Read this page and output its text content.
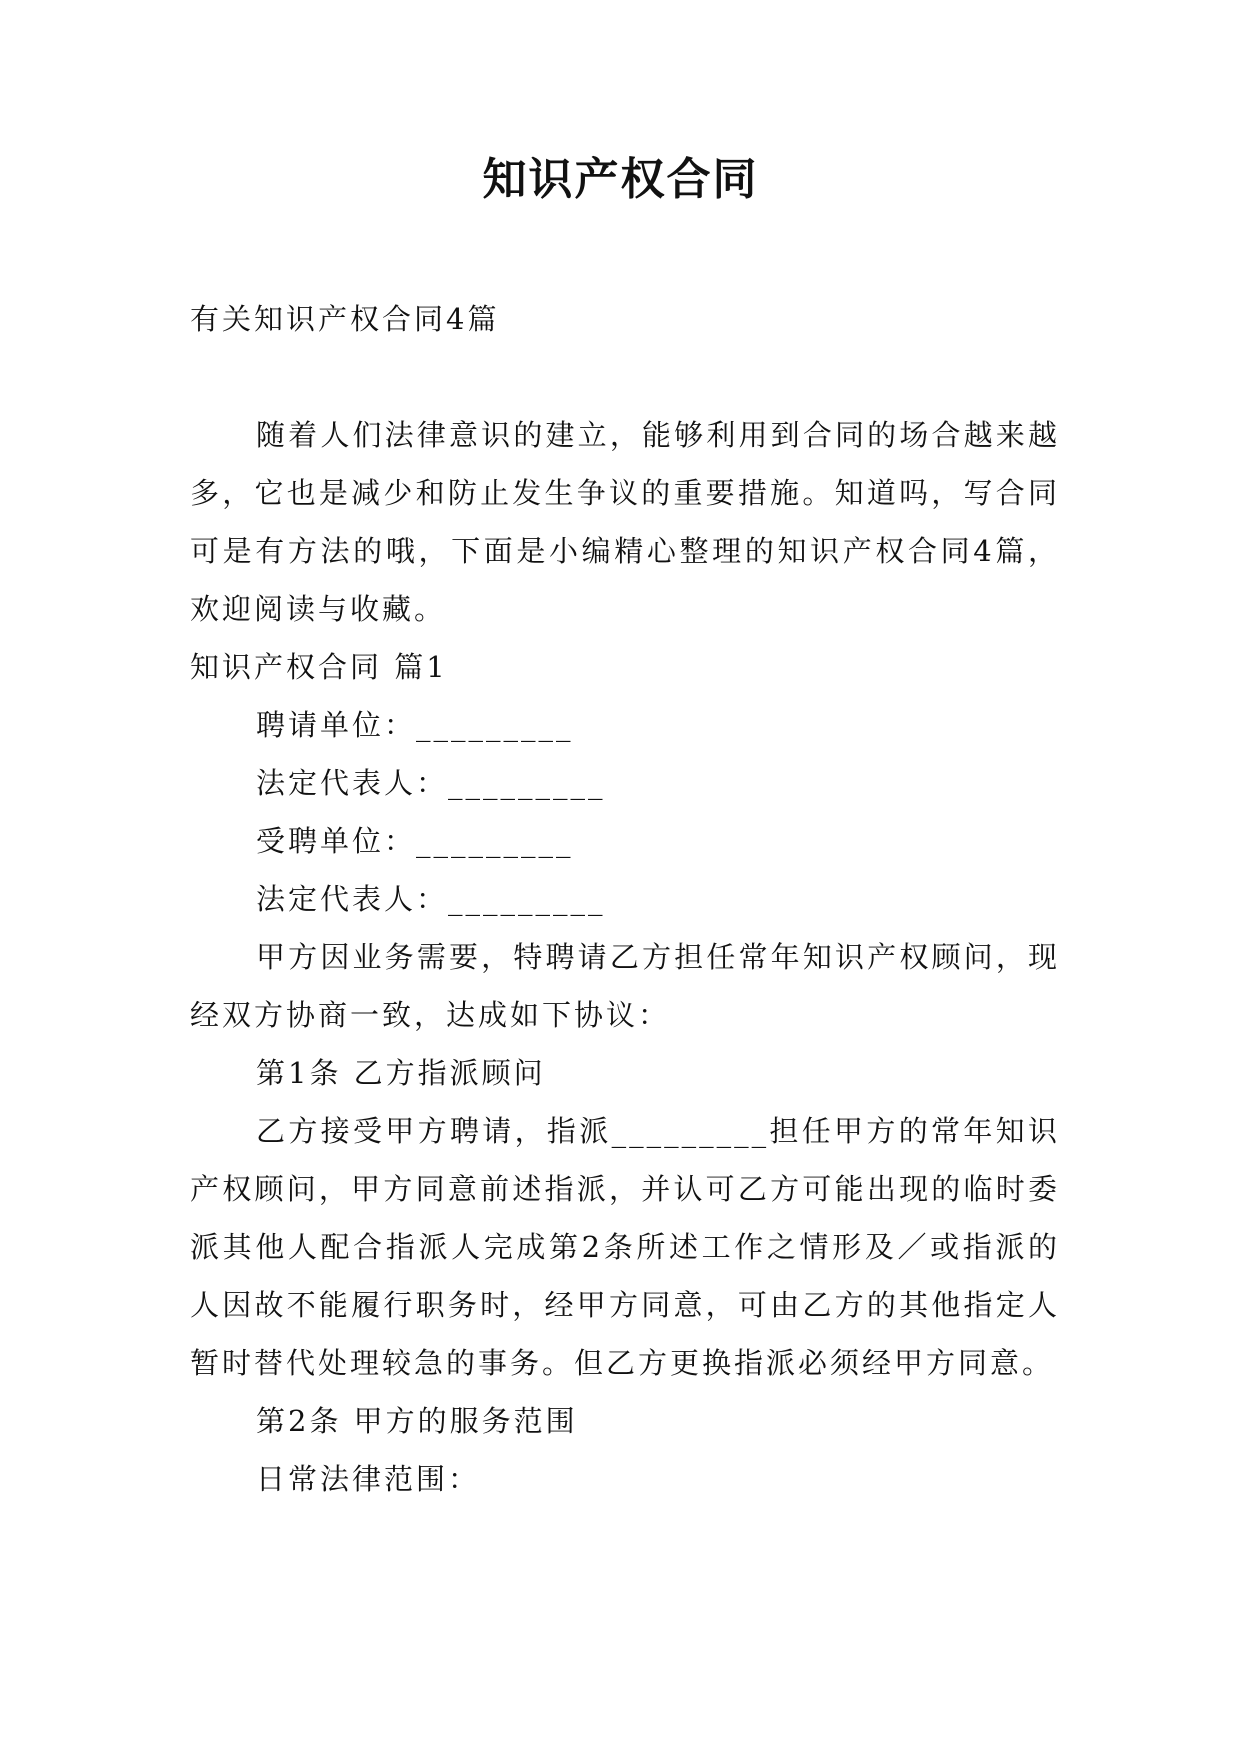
知识产权合同

有关知识产权合同4篇

随着人们法律意识的建立，能够利用到合同的场合越来越多，它也是减少和防止发生争议的重要措施。知道吗，写合同可是有方法的哦，下面是小编精心整理的知识产权合同4篇，欢迎阅读与收藏。

知识产权合同 篇1

聘请单位：_________

法定代表人：_________

受聘单位：_________

法定代表人：_________

甲方因业务需要，特聘请乙方担任常年知识产权顾问，现经双方协商一致，达成如下协议：

第1条 乙方指派顾问

乙方接受甲方聘请，指派_________担任甲方的常年知识产权顾问，甲方同意前述指派，并认可乙方可能出现的临时委派其他人配合指派人完成第2条所述工作之情形及／或指派的人因故不能履行职务时，经甲方同意，可由乙方的其他指定人暂时替代处理较急的事务。但乙方更换指派必须经甲方同意。

第2条 甲方的服务范围

日常法律范围：
